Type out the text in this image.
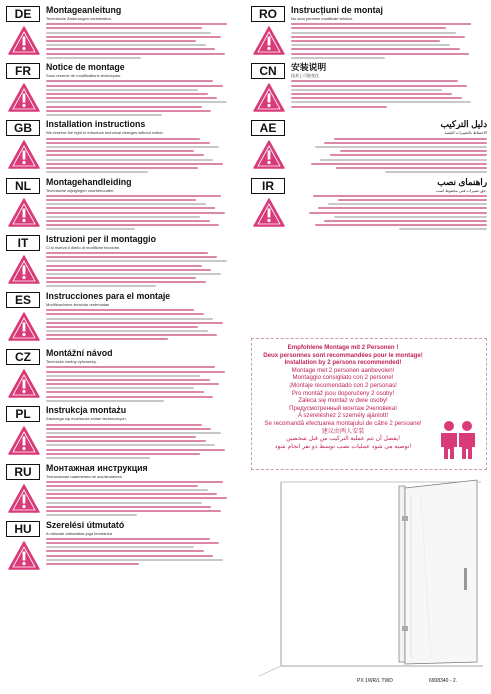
DE	Montageanleitung
Technische Änderungen vorbehalten.
FR	Notice de montage
Sous réserve de modifications techniques.
GB	Installation instructions
We reserve the right to introduce technical changes without notice.
NL	Montagehandleiding
Technische wijzigingen voorbehouden.
IT	Istruzioni per il montaggio
Ci si riserva il diritto di modifiche tecniche.
ES	Instrucciones para el montaje
Modificaciones técnicas reservadas
CZ	Montážní návod
Technické změny vyhrazeny.
PL	Instrukcja montażu
Zastrzega się możliwość zmian technicznych.
RU	Монтажная инструкция
Технические изменения не исключаются
HU	Szerelési útmutató
A műszaki változtatás joga fenntartva
RO	Instrucțiuni de montaj
Nu sunt permise modificări tehnice.
CN	安装说明
技术上可能变化
AE	دليل التركيب
الاحتفاظ بالتغييرات التقنية
IR	راهنمای نصب
حق تغییرات فنی محفوظ است.
Empfohlene Montage mit 2 Personen !
Deux personnes sont recommandées pour le montage!
Installation by 2 persons recommended!
Montage met 2 personen aanbevolen!
Montaggio consigliato con 2 persone!
¡Montaje recomendado con 2 personas!
Pro montáž jsou doporučeny 2 osoby!
Zaleca się montaż w dwie osoby!
Предусмотренный монтаж 2человека!
A szereléshez 2 személy ajánlott!
Se recomandă efectuarea montajului de către 2 persoane!
建议由两人安装
يفضل أن تتم عملية التركيب من قبل شخصين!
توصیه می شود عملیات نصب توسط دو نفر انجام شود!
PX 1WR/L TWD	6908340 - 2.
